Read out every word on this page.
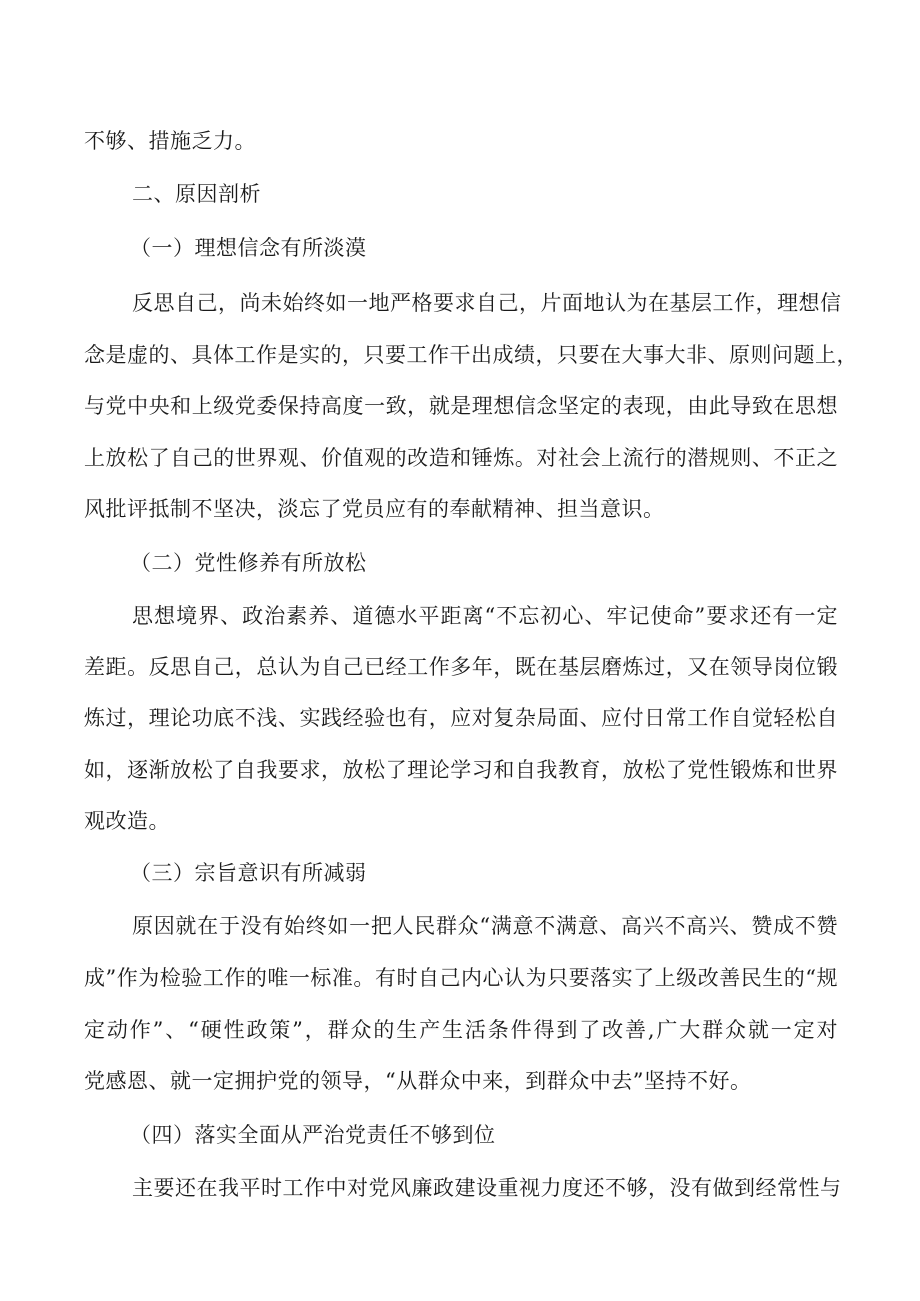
不够、措施乏力。
二、原因剖析
（一）理想信念有所淡漠
反思自己，尚未始终如一地严格要求自己，片面地认为在基层工作，理想信
念是虚的、具体工作是实的，只要工作干出成绩，只要在大事大非、原则问题上，
与党中央和上级党委保持高度一致，就是理想信念坚定的表现，由此导致在思想
上放松了自己的世界观、价值观的改造和锤炼。对社会上流行的潜规则、不正之
风批评抵制不坚决，淡忘了党员应有的奉献精神、担当意识。
（二）党性修养有所放松
思想境界、政治素养、道德水平距离“不忘初心、牢记使命”要求还有一定
差距。反思自己，总认为自己已经工作多年，既在基层磨炼过，又在领导岗位锻
炼过，理论功底不浅、实践经验也有，应对复杂局面、应付日常工作自觉轻松自
如，逐渐放松了自我要求，放松了理论学习和自我教育，放松了党性锻炼和世界
观改造。
（三）宗旨意识有所减弱
原因就在于没有始终如一把人民群众“满意不满意、高兴不高兴、赞成不赞
成”作为检验工作的唯一标准。有时自己内心认为只要落实了上级改善民生的“规
定动作”、“硬性政策”，群众的生产生活条件得到了改善,广大群众就一定对
党感恩、就一定拥护党的领导，“从群众中来，到群众中去”坚持不好。
（四）落实全面从严治党责任不够到位
主要还在我平时工作中对党风廉政建设重视力度还不够，没有做到经常性与
